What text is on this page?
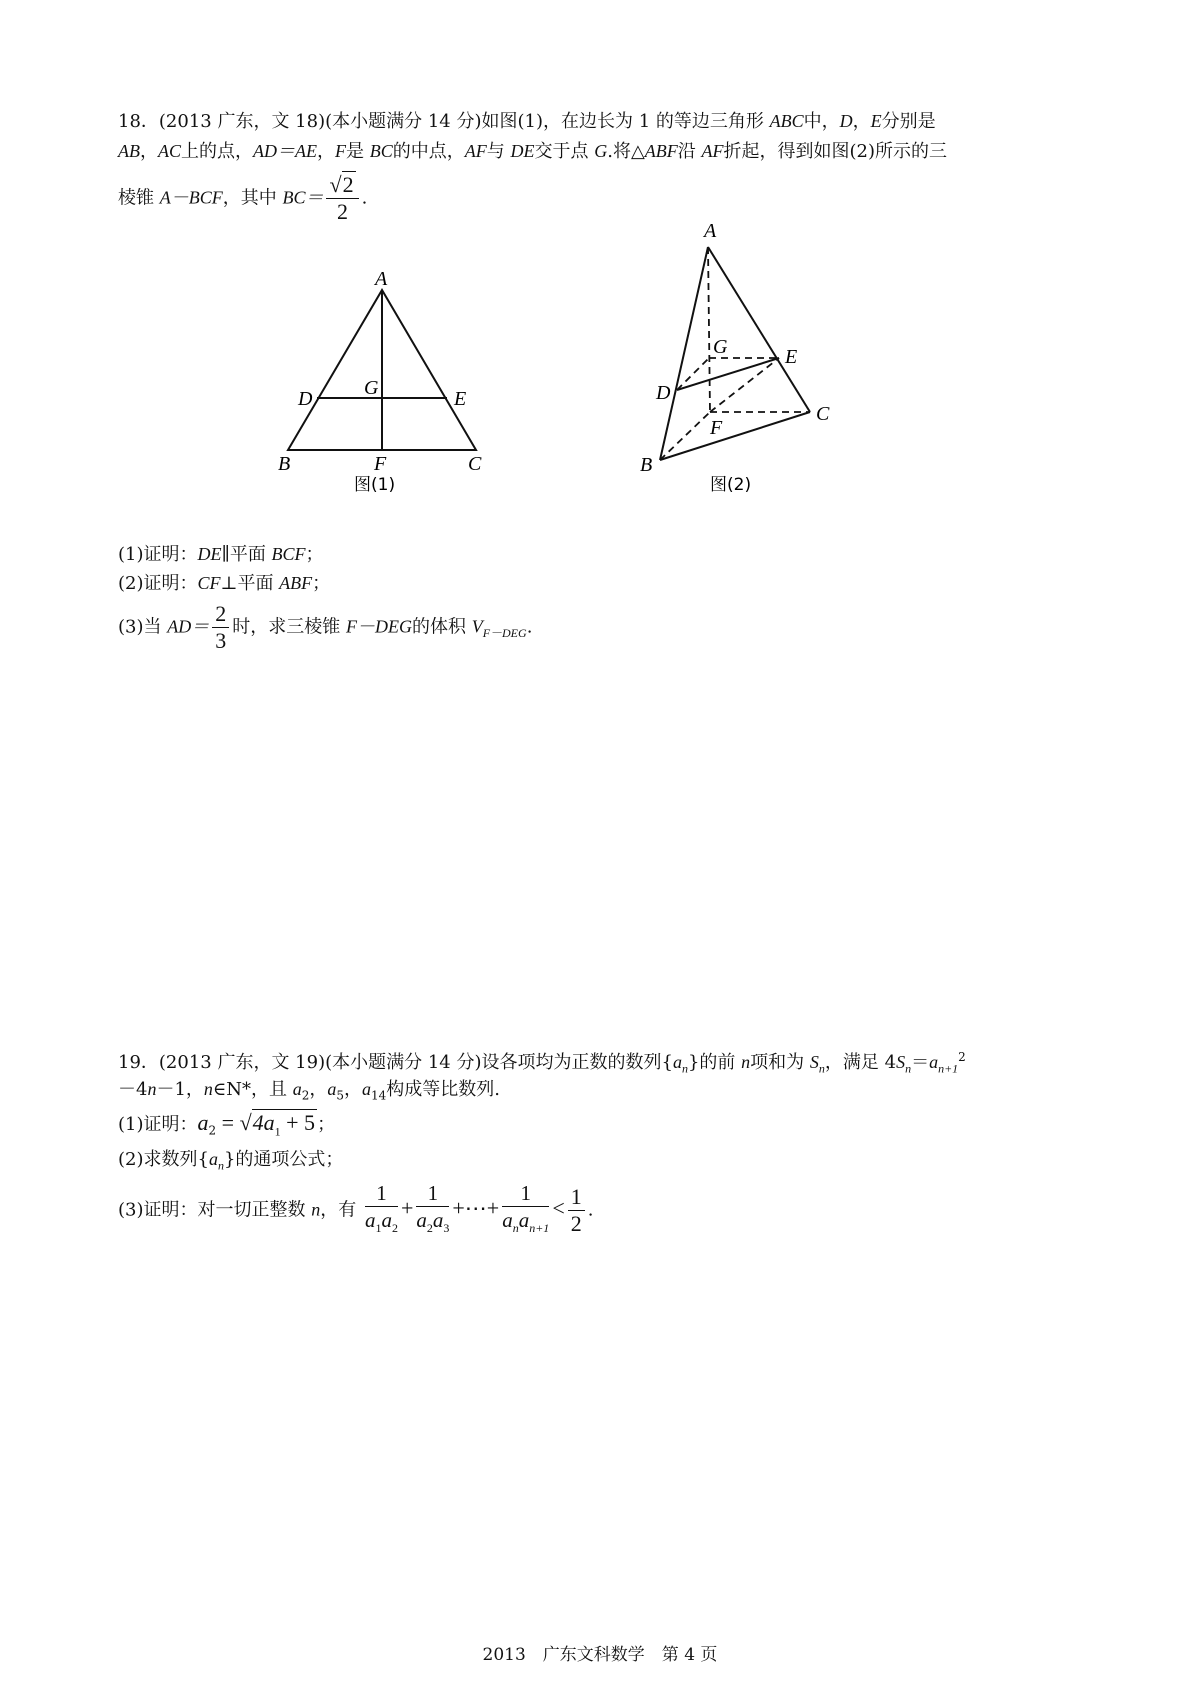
18．(2013 广东，文 18)(本小题满分 14 分)如图(1)，在边长为 1 的等边三角形 ABC中，D，E分别是
AB，AC上的点，AD＝AE，F是 BC的中点，AF与 DE交于点 G.将△ABF沿 AF折起，得到如图(2)所示的三
棱锥 A－BCF，其中 $BC= \frac{√2}{2}$ .
A
D	G	E
B	F	C
图(1)
A
G	E
D
F
C
B
图(2)
(1)证明：DE∥平面 BCF；
(2)证明：CF⊥平面 ABF；
(3)当 $AD= \frac{2}{3}$ 时，求三棱锥 F－DEG的体积 $V_{F-DEG}$.
19．(2013 广东，文 19)(本小题满分 14 分)设各项均为正数的数列$\{a_n\}$的前 n项和为 $S_n$，满足 $4S_n=a_{n+1}^2$
－4n－1，n∈N*，且 $a_2$，$a_5$，$a_{14}$构成等比数列.
(1)证明：$a_2 = √4a_1 + 5$ ；
(2)求数列$\{a_n\}$的通项公式；
(3)证明：对一切正整数 n，有 $\frac{1}{a_1a_2} + \frac{1}{a_2a_3}$ +⋯+ $\frac{1}{a_na_{n+1}} < \frac{1}{2}$ .
2013　广东文科数学　第 4 页
